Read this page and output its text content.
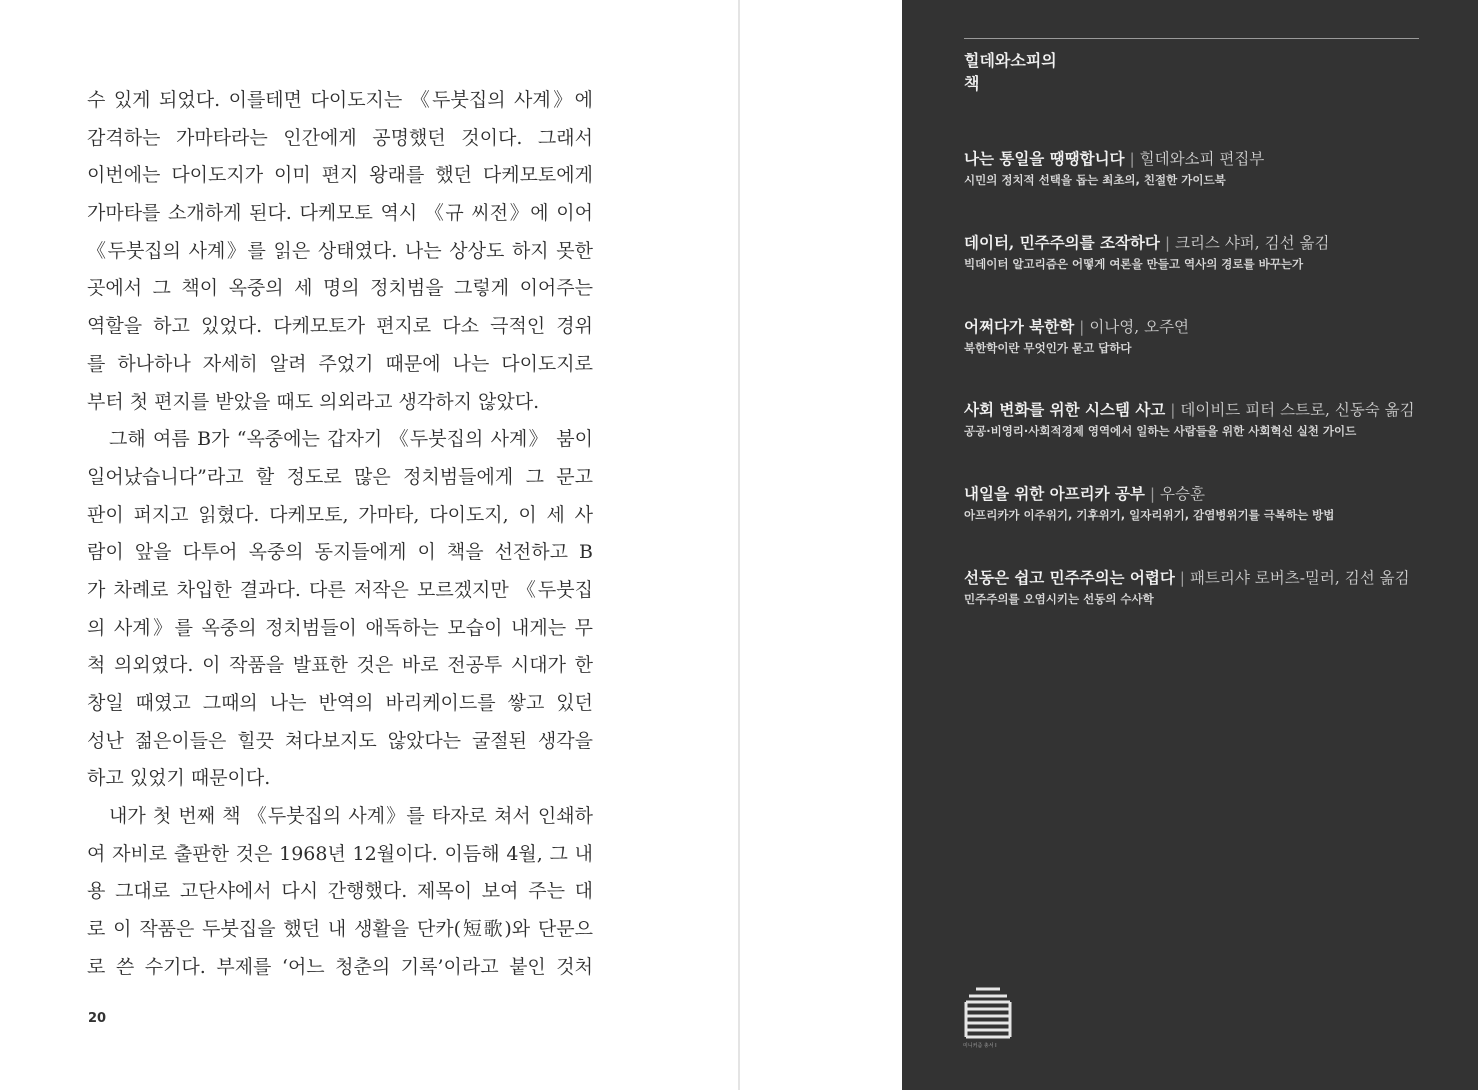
수 있게 되었다. 이를테면 다이도지는 《두붓집의 사계》에
감격하는 가마타라는 인간에게 공명했던 것이다. 그래서
이번에는 다이도지가 이미 편지 왕래를 했던 다케모토에게
가마타를 소개하게 된다. 다케모토 역시 《규 씨전》에 이어
《두붓집의 사계》를 읽은 상태였다. 나는 상상도 하지 못한
곳에서 그 책이 옥중의 세 명의 정치범을 그렇게 이어주는
역할을 하고 있었다. 다케모토가 편지로 다소 극적인 경위
를 하나하나 자세히 알려 주었기 때문에 나는 다이도지로
부터 첫 편지를 받았을 때도 의외라고 생각하지 않았다.
그해 여름 B가 “옥중에는 갑자기 《두붓집의 사계》 붐이
일어났습니다”라고 할 정도로 많은 정치범들에게 그 문고
판이 퍼지고 읽혔다. 다케모토, 가마타, 다이도지, 이 세 사
람이 앞을 다투어 옥중의 동지들에게 이 책을 선전하고 B
가 차례로 차입한 결과다. 다른 저작은 모르겠지만 《두붓집
의 사계》를 옥중의 정치범들이 애독하는 모습이 내게는 무
척 의외였다. 이 작품을 발표한 것은 바로 전공투 시대가 한
창일 때였고 그때의 나는 반역의 바리케이드를 쌓고 있던
성난 젊은이들은 힐끗 쳐다보지도 않았다는 굴절된 생각을
하고 있었기 때문이다.
내가 첫 번째 책 《두붓집의 사계》를 타자로 쳐서 인쇄하
여 자비로 출판한 것은 1968년 12월이다. 이듬해 4월, 그 내
용 그대로 고단샤에서 다시 간행했다. 제목이 보여 주는 대
로 이 작품은 두붓집을 했던 내 생활을 단카(短歌)와 단문으
로 쓴 수기다. 부제를 ‘어느 청춘의 기록’이라고 붙인 것처
20
힐데와소피의
책
나는 통일을 땡땡합니다 | 힐데와소피 편집부
시민의 정치적 선택을 돕는 최초의, 친절한 가이드북
데이터, 민주주의를 조작하다 | 크리스 샤퍼, 김선 옮김
빅데이터 알고리즘은 어떻게 여론을 만들고 역사의 경로를 바꾸는가
어쩌다가 북한학 | 이나영, 오주연
북한학이란 무엇인가 묻고 답하다
사회 변화를 위한 시스템 사고 | 데이비드 피터 스트로, 신동숙 옮김
공공·비영리·사회적경제 영역에서 일하는 사람들을 위한 사회혁신 실천 가이드
내일을 위한 아프리카 공부 | 우승훈
아프리카가 이주위기, 기후위기, 일자리위기, 감염병위기를 극복하는 방법
선동은 쉽고 민주주의는 어렵다 | 패트리샤 로버츠-밀러, 김선 옮김
민주주의를 오염시키는 선동의 수사학
미니커즘 총서 I
